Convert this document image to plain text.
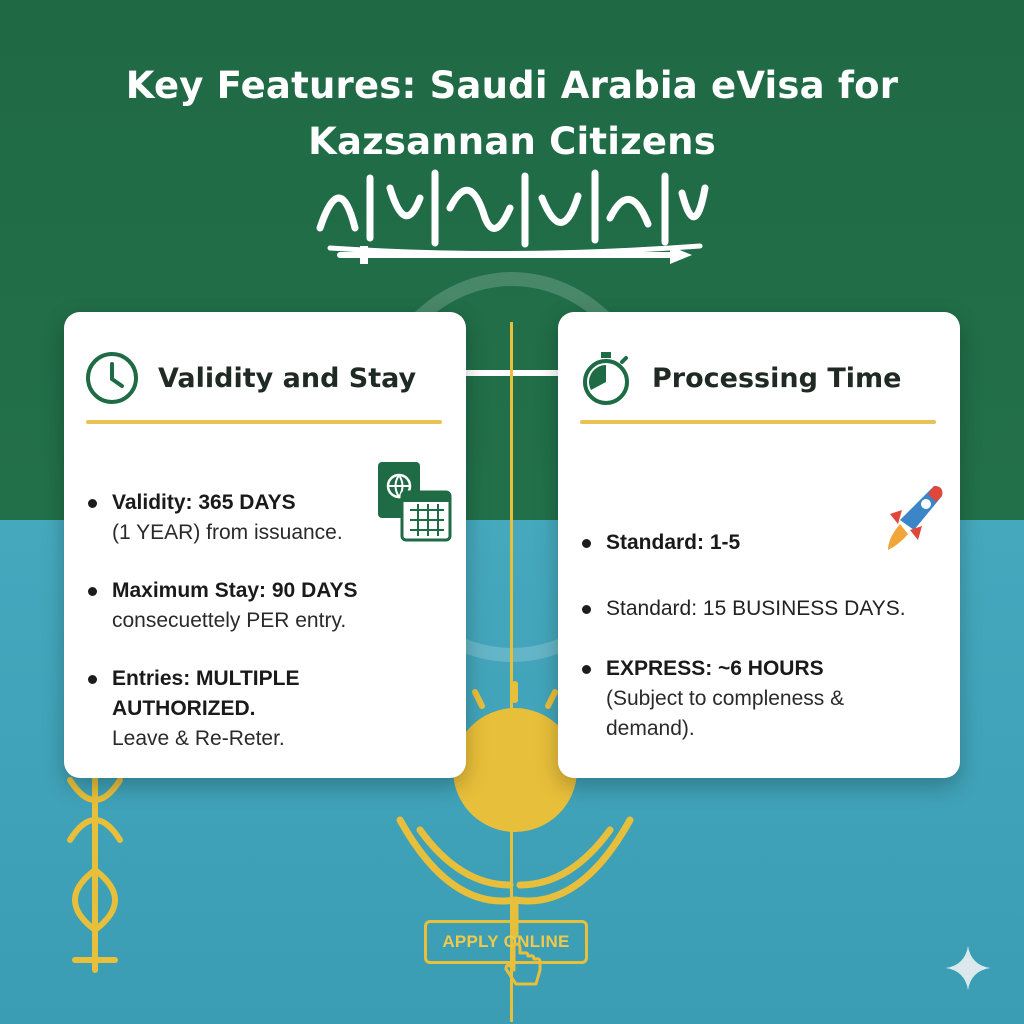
Key Features: Saudi Arabia eVisa for Kazsannan Citizens
Validity and Stay
Validity: 365 DAYS
(1 YEAR) from issuance.
Maximum Stay: 90 DAYS
consecuettely PER entry.
Entries: MULTIPLE AUTHORIZED.
Leave & Re-Reter.
Processing Time
Standard: 1-5
Standard: 15 BUSINESS DAYS.
EXPRESS: ~6 HOURS
(Subject to compleness & demand).
APPLY ONLINE
